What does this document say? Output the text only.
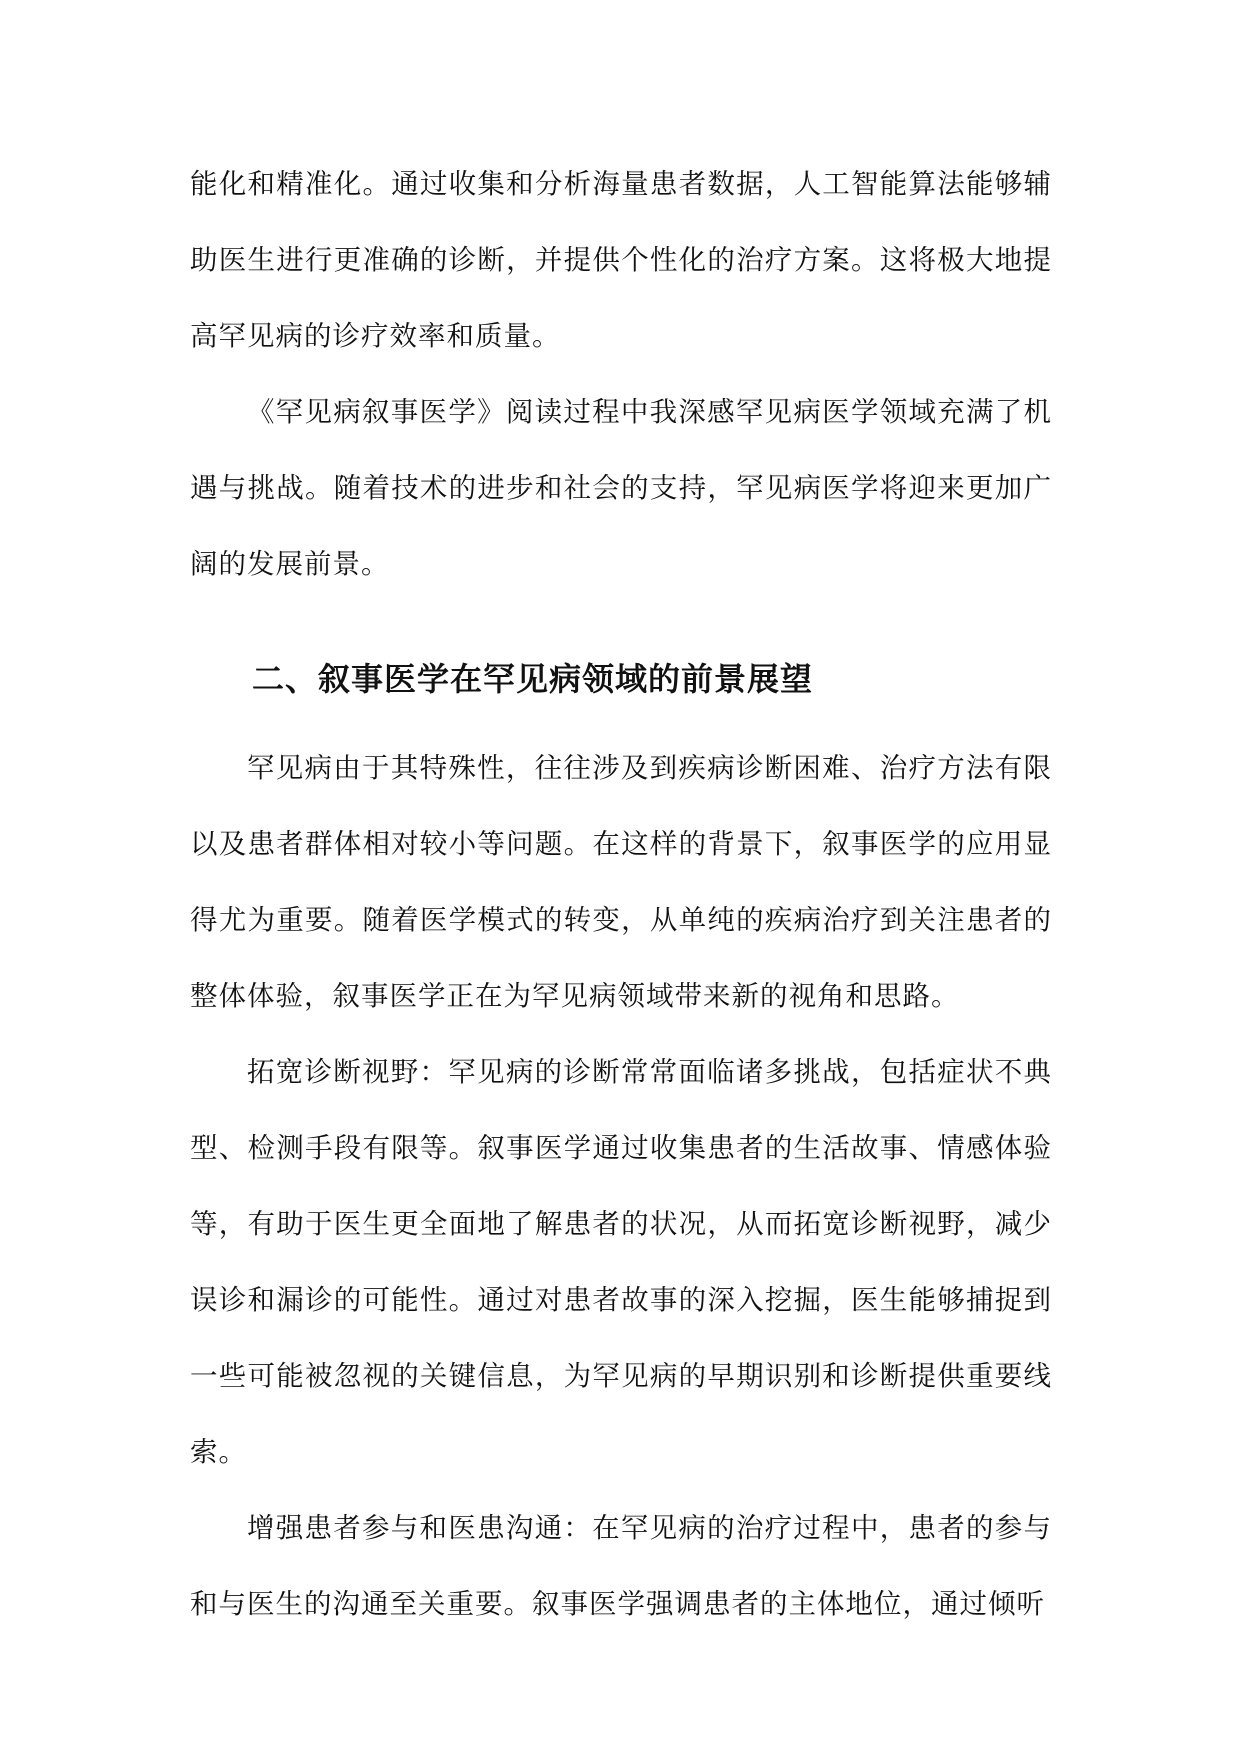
能化和精准化。通过收集和分析海量患者数据，人工智能算法能够辅助医生进行更准确的诊断，并提供个性化的治疗方案。这将极大地提高罕见病的诊疗效率和质量。

《罕见病叙事医学》阅读过程中我深感罕见病医学领域充满了机遇与挑战。随着技术的进步和社会的支持，罕见病医学将迎来更加广阔的发展前景。

二、叙事医学在罕见病领域的前景展望

罕见病由于其特殊性，往往涉及到疾病诊断困难、治疗方法有限以及患者群体相对较小等问题。在这样的背景下，叙事医学的应用显得尤为重要。随着医学模式的转变，从单纯的疾病治疗到关注患者的整体体验，叙事医学正在为罕见病领域带来新的视角和思路。

拓宽诊断视野：罕见病的诊断常常面临诸多挑战，包括症状不典型、检测手段有限等。叙事医学通过收集患者的生活故事、情感体验等，有助于医生更全面地了解患者的状况，从而拓宽诊断视野，减少误诊和漏诊的可能性。通过对患者故事的深入挖掘，医生能够捕捉到一些可能被忽视的关键信息，为罕见病的早期识别和诊断提供重要线索。

增强患者参与和医患沟通：在罕见病的治疗过程中，患者的参与和与医生的沟通至关重要。叙事医学强调患者的主体地位，通过倾听
